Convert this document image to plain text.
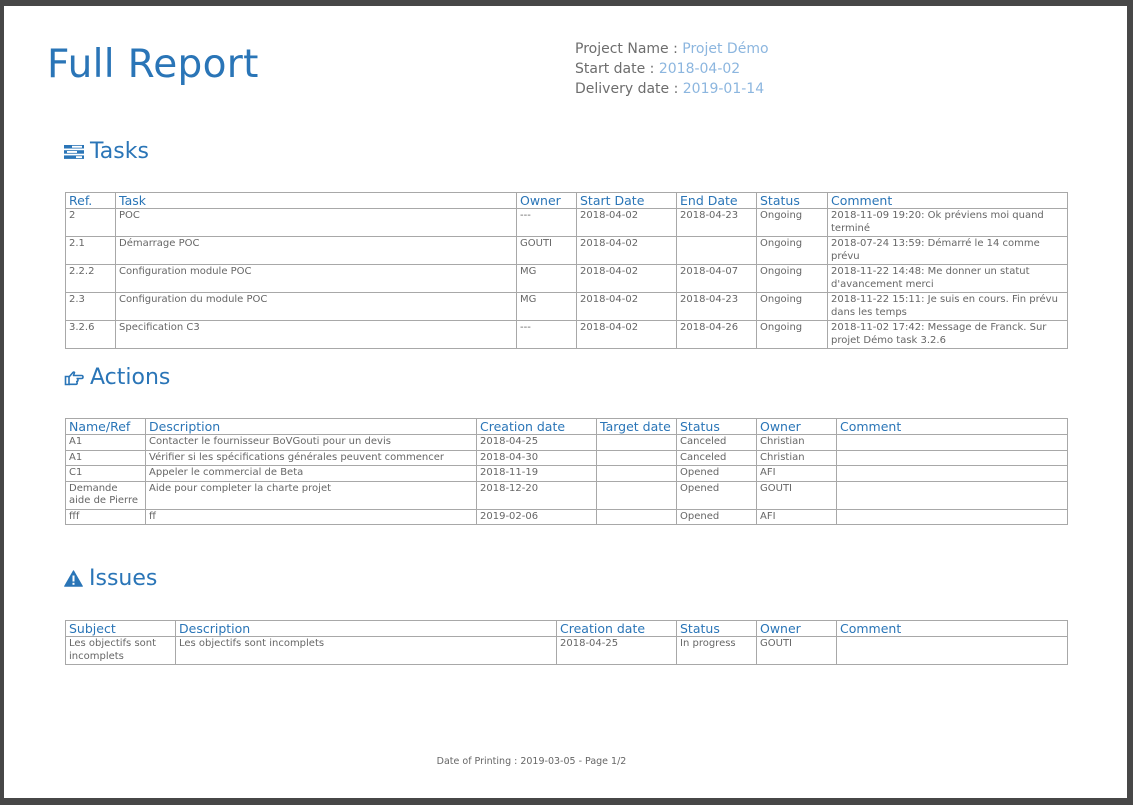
Full Report	Project Name : Projet Démo
Start date : 2018-04-02
Delivery date : 2019-01-14
Tasks
Ref.	Task	Owner	Start Date	End Date	Status	Comment
2	POC	---	2018-04-02	2018-04-23	Ongoing	2018-11-09 19:20: Ok préviens moi quand terminé
2.1	Démarrage POC	GOUTI	2018-04-02		Ongoing	2018-07-24 13:59: Démarré le 14 comme prévu
2.2.2	Configuration module POC	MG	2018-04-02	2018-04-07	Ongoing	2018-11-22 14:48: Me donner un statut d'avancement merci
2.3	Configuration du module POC	MG	2018-04-02	2018-04-23	Ongoing	2018-11-22 15:11: Je suis en cours. Fin prévu dans les temps
3.2.6	Specification C3	---	2018-04-02	2018-04-26	Ongoing	2018-11-02 17:42: Message de Franck. Sur projet Démo task 3.2.6
Actions
Name/Ref	Description	Creation date	Target date	Status	Owner	Comment
A1	Contacter le fournisseur BoVGouti pour un devis	2018-04-25		Canceled	Christian	
A1	Vérifier si les spécifications générales peuvent commencer	2018-04-30		Canceled	Christian	
C1	Appeler le commercial de Beta	2018-11-19		Opened	AFI	
Demande aide de Pierre	Aide pour completer la charte projet	2018-12-20		Opened	GOUTI	
fff	ff	2019-02-06		Opened	AFI	
Issues
Subject	Description	Creation date	Status	Owner	Comment
Les objectifs sont incomplets	Les objectifs sont incomplets	2018-04-25	In progress	GOUTI	
Date of Printing : 2019-03-05 - Page 1/2
